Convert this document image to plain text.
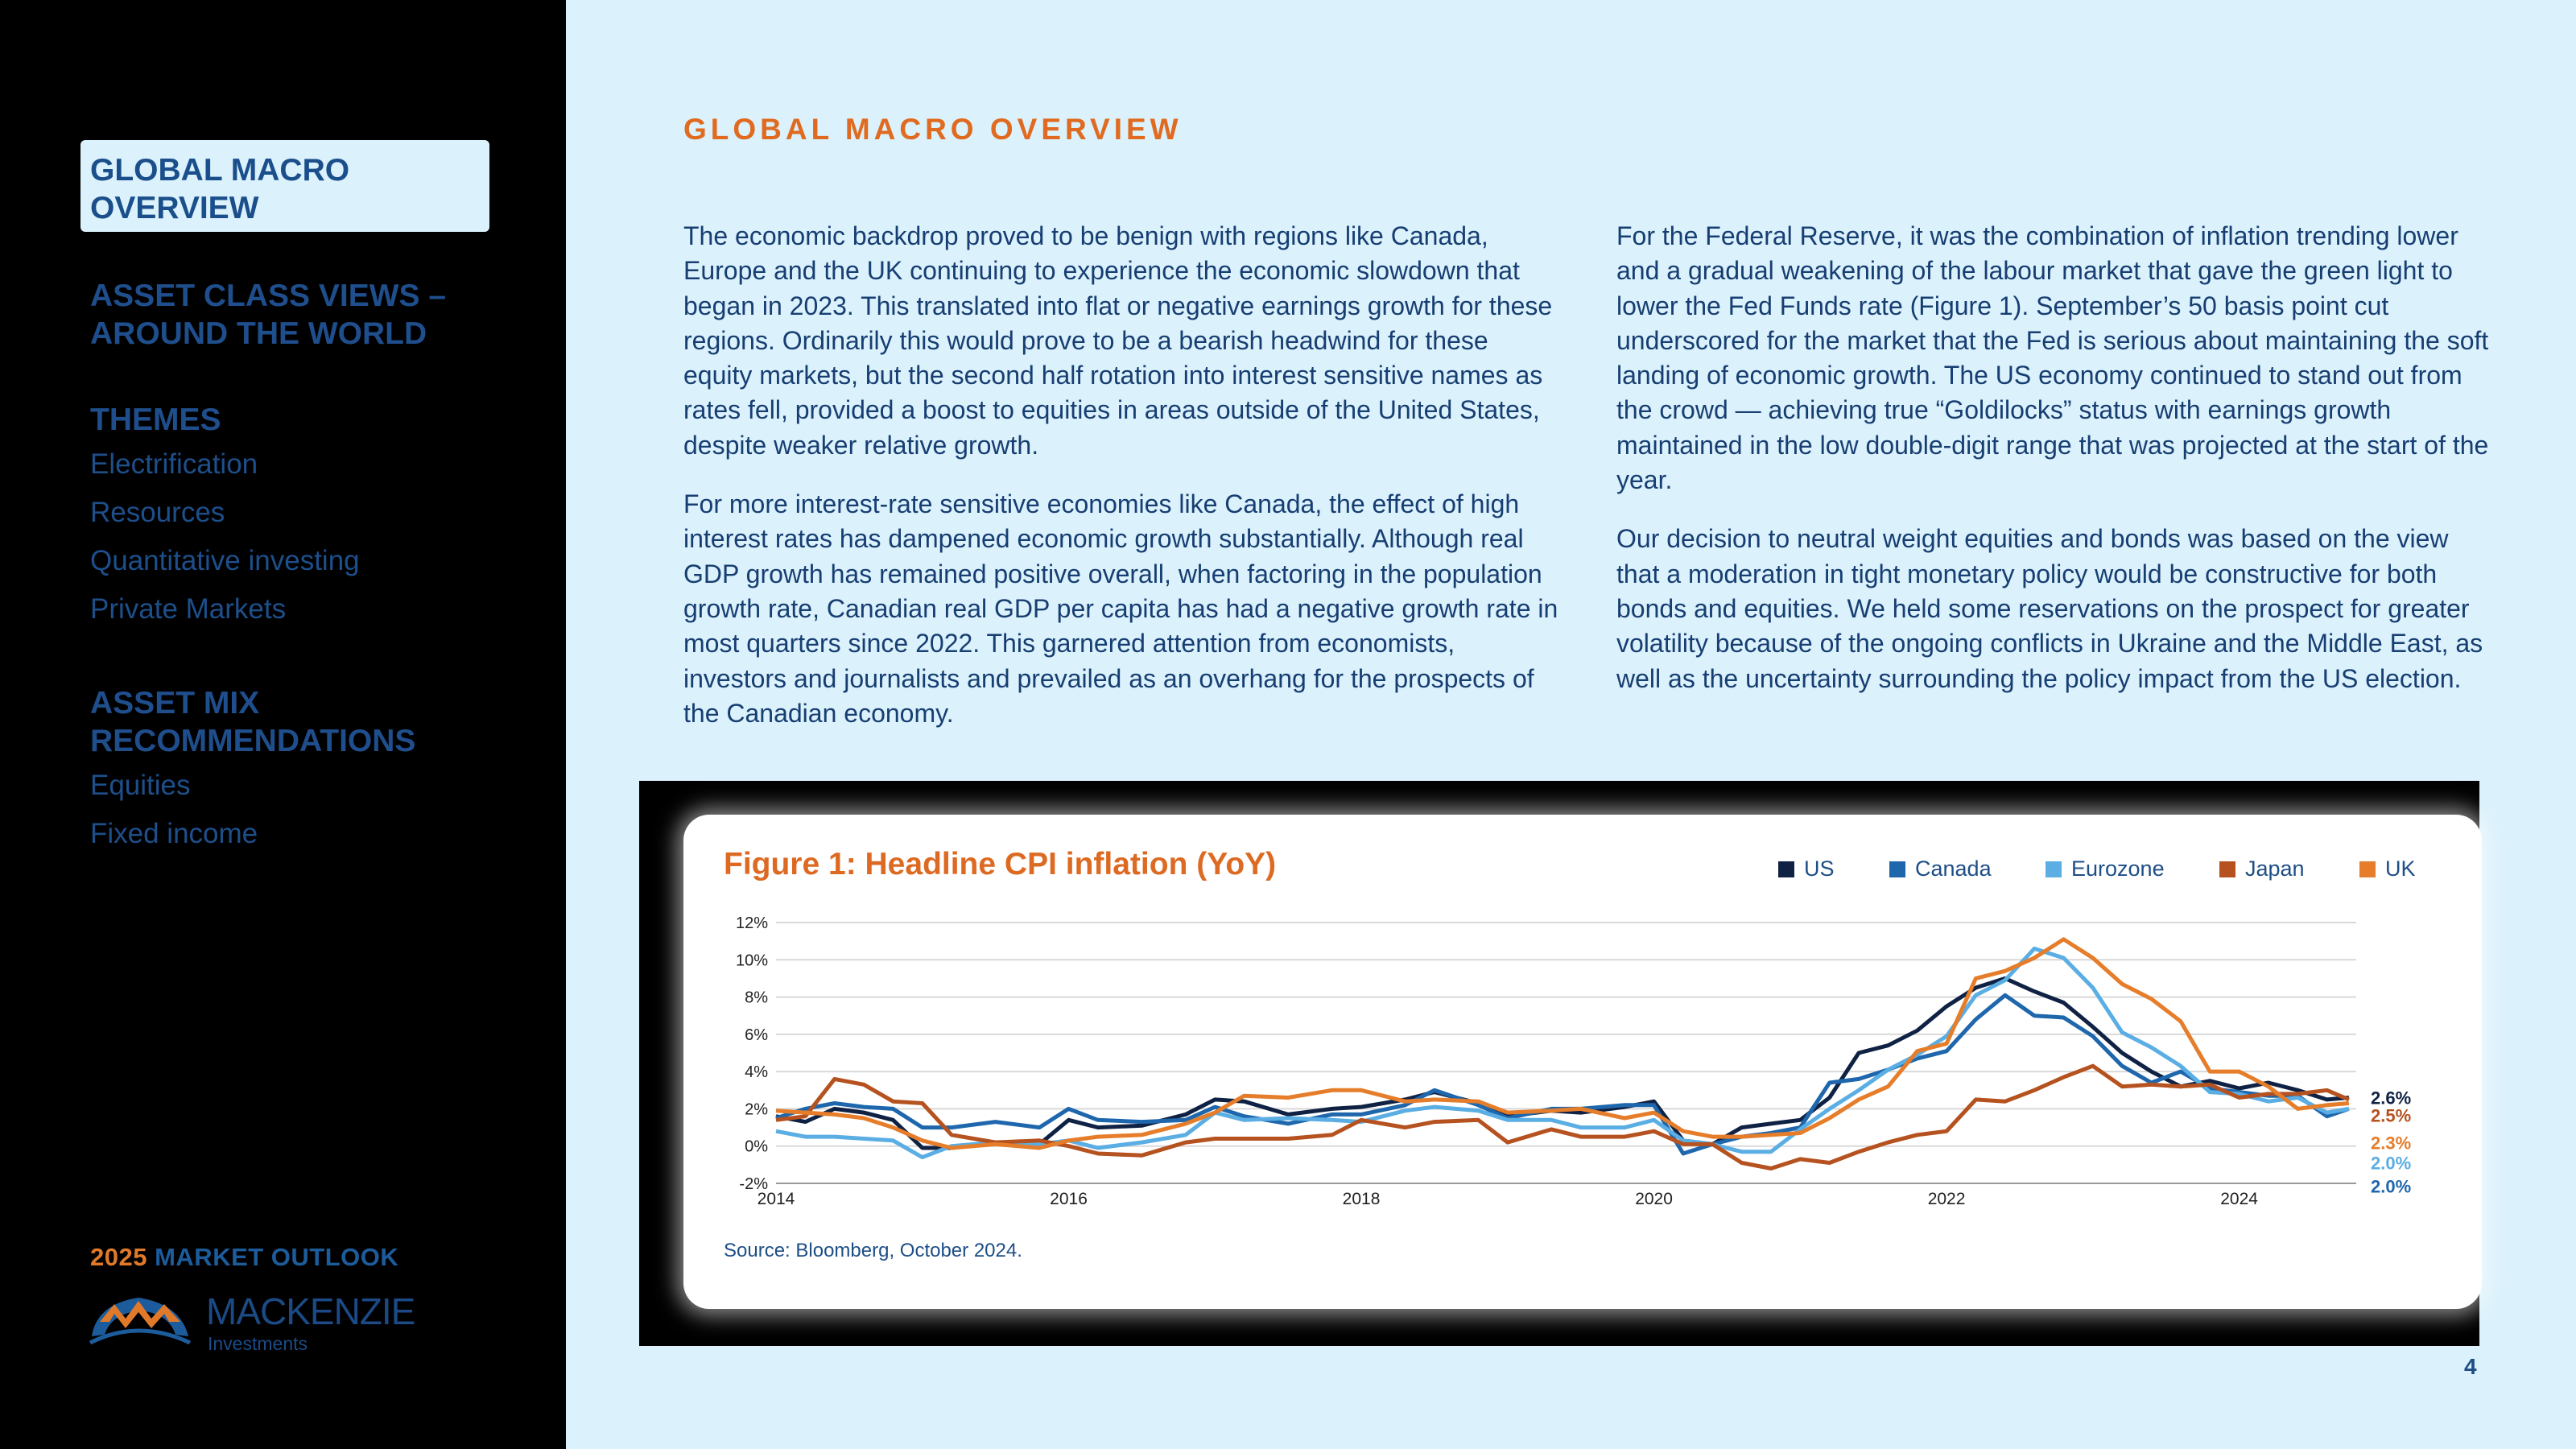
GLOBAL MACRO OVERVIEW
ASSET CLASS VIEWS – AROUND THE WORLD
THEMES
Electrification
Resources
Quantitative investing
Private Markets
ASSET MIX RECOMMENDATIONS
Equities
Fixed income
2025 MARKET OUTLOOK
MACKENZIE
Investments
GLOBAL MACRO OVERVIEW

The economic backdrop proved to be benign with regions like Canada, Europe and the UK continuing to experience the economic slowdown that began in 2023. This translated into flat or negative earnings growth for these regions. Ordinarily this would prove to be a bearish headwind for these equity markets, but the second half rotation into interest sensitive names as rates fell, provided a boost to equities in areas outside of the United States, despite weaker relative growth.

For more interest-rate sensitive economies like Canada, the effect of high interest rates has dampened economic growth substantially. Although real GDP growth has remained positive overall, when factoring in the population growth rate, Canadian real GDP per capita has had a negative growth rate in most quarters since 2022. This garnered attention from economists, investors and journalists and prevailed as an overhang for the prospects of the Canadian economy.

For the Federal Reserve, it was the combination of inflation trending lower and a gradual weakening of the labour market that gave the green light to lower the Fed Funds rate (Figure 1). September’s 50 basis point cut underscored for the market that the Fed is serious about maintaining the soft landing of economic growth. The US economy continued to stand out from the crowd — achieving true “Goldilocks” status with earnings growth maintained in the low double-digit range that was projected at the start of the year.

Our decision to neutral weight equities and bonds was based on the view that a moderation in tight monetary policy would be constructive for both bonds and equities. We held some reservations on the prospect for greater volatility because of the ongoing conflicts in Ukraine and the Middle East, as well as the uncertainty surrounding the policy impact from the US election.

Figure 1: Headline CPI inflation (YoY)	US	Canada	Eurozone	Japan	UK
-2%
0%
2%
4%
6%
8%
10%
12%
2014	2016	2018	2020	2022	2024
2.6%
2.5%
2.3%
2.0%
2.0%
Source: Bloomberg, October 2024.
4
